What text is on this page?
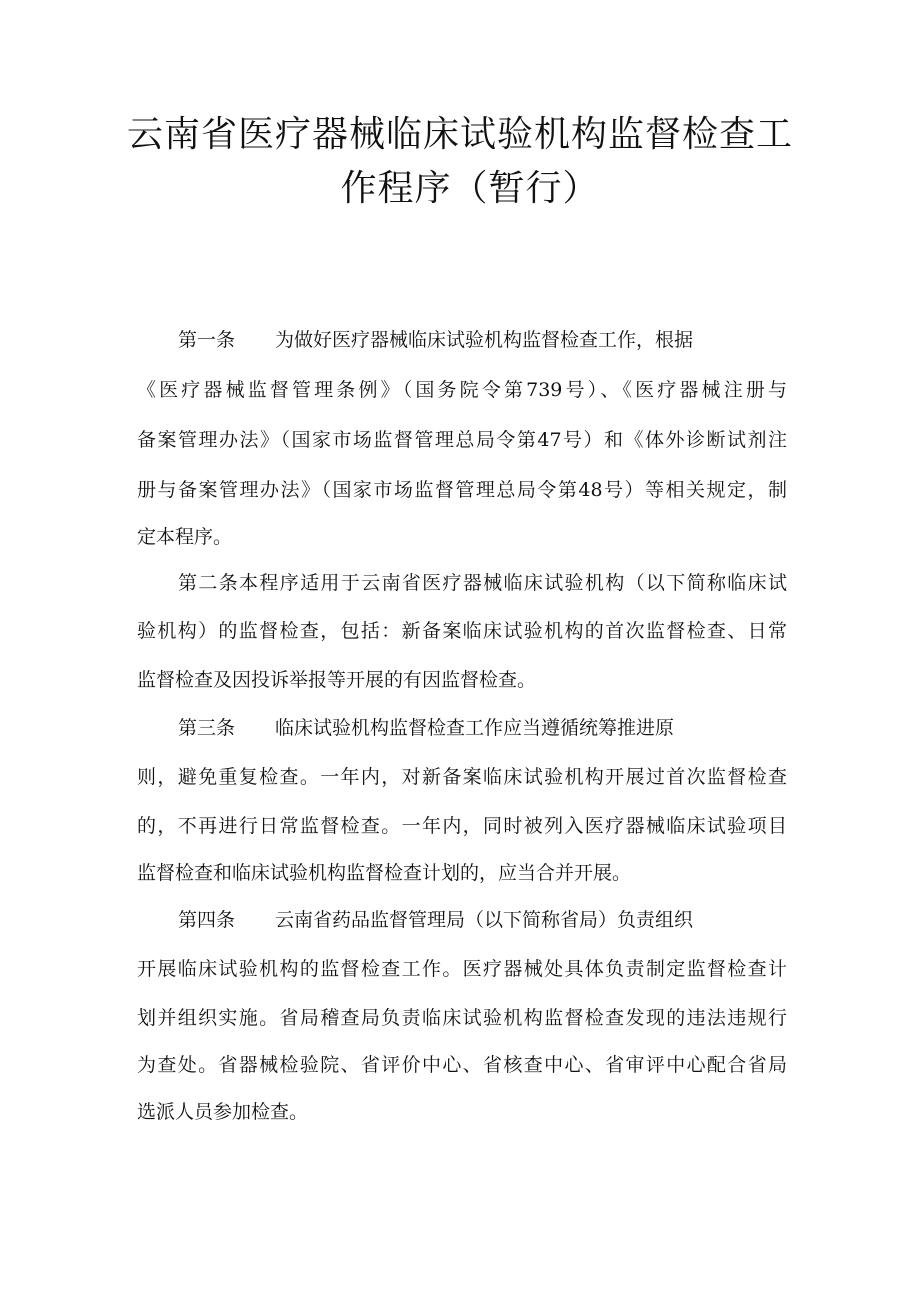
云南省医疗器械临床试验机构监督检查工
作程序（暂行）
第一条 为做好医疗器械临床试验机构监督检查工作，根据
《医疗器械监督管理条例》（国务院令第739号）、《医疗器械注册与
备案管理办法》（国家市场监督管理总局令第47号）和《体外诊断试剂注
册与备案管理办法》（国家市场监督管理总局令第48号）等相关规定，制
定本程序。
第二条本程序适用于云南省医疗器械临床试验机构（以下简称临床试
验机构）的监督检查，包括：新备案临床试验机构的首次监督检查、日常
监督检查及因投诉举报等开展的有因监督检查。
第三条 临床试验机构监督检查工作应当遵循统筹推进原
则，避免重复检查。一年内，对新备案临床试验机构开展过首次监督检查
的，不再进行日常监督检查。一年内，同时被列入医疗器械临床试验项目
监督检查和临床试验机构监督检查计划的，应当合并开展。
第四条 云南省药品监督管理局（以下简称省局）负责组织
开展临床试验机构的监督检查工作。医疗器械处具体负责制定监督检查计
划并组织实施。省局稽查局负责临床试验机构监督检查发现的违法违规行
为查处。省器械检验院、省评价中心、省核查中心、省审评中心配合省局
选派人员参加检查。
